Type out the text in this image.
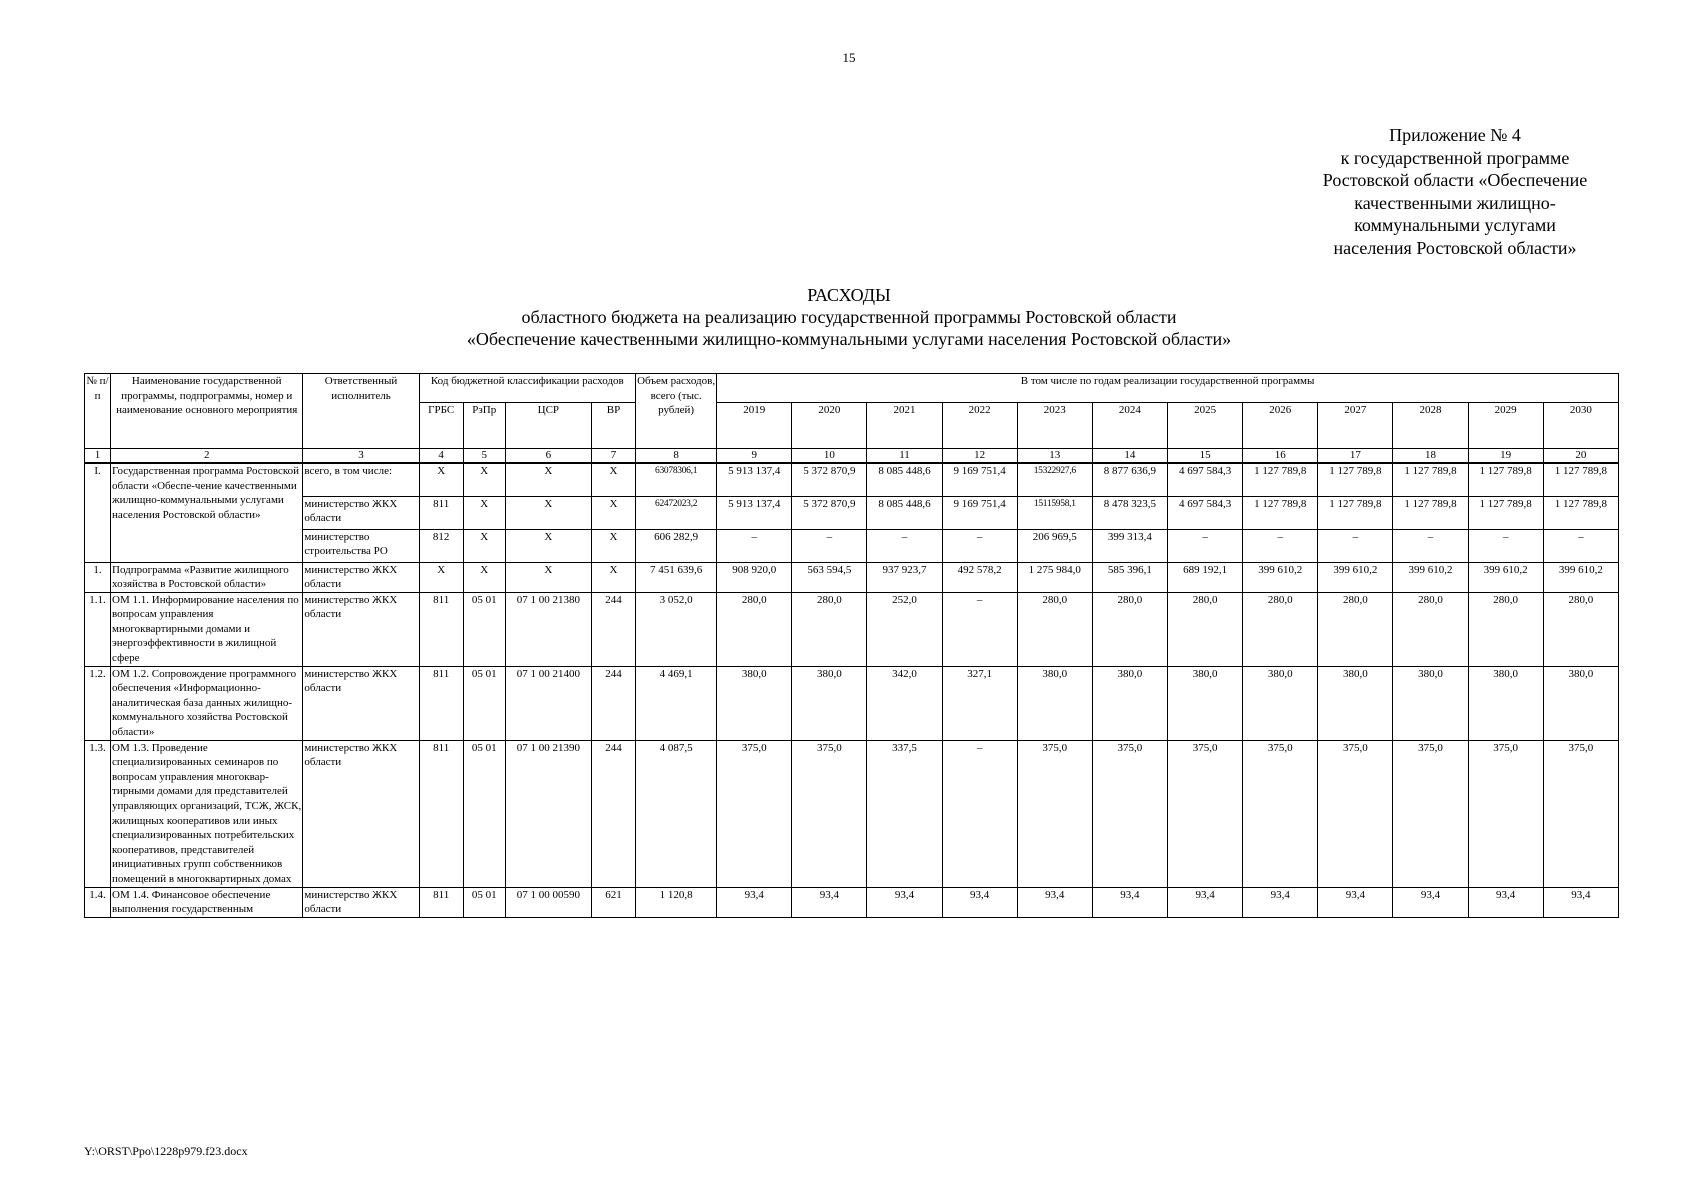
15
Приложение № 4
к государственной программе
Ростовской области «Обеспечение
качественными жилищно-
коммунальными услугами
населения Ростовской области»
РАСХОДЫ
областного бюджета на реализацию государственной программы Ростовской области
«Обеспечение качественными жилищно-коммунальными услугами населения Ростовской области»
№ п/п	Наименование государственной программы, подпрограммы, номер и наименование основного мероприятия	Ответственный исполнитель	Код бюджетной классификации расходов				Объем расходов, всего (тыс. рублей)	В том числе по годам реализации государственной программы											
			ГРБС	РзПр	ЦСР	ВР		2019	2020	2021	2022	2023	2024	2025	2026	2027	2028	2029	2030
1	2	3	4	5	6	7	8	9	10	11	12	13	14	15	16	17	18	19	20
I.	Государственная программа Ростовской области «Обеспе-чение качественными жилищно-коммунальными услугами населения Ростовской области»	всего, в том числе:	Х	Х	Х	Х	63078306,1	5 913 137,4	5 372 870,9	8 085 448,6	9 169 751,4	15322927,6	8 877 636,9	4 697 584,3	1 127 789,8	1 127 789,8	1 127 789,8	1 127 789,8	1 127 789,8
		министерство ЖКХ области	811	Х	Х	Х	62472023,2	5 913 137,4	5 372 870,9	8 085 448,6	9 169 751,4	15115958,1	8 478 323,5	4 697 584,3	1 127 789,8	1 127 789,8	1 127 789,8	1 127 789,8	1 127 789,8
		министерство строительства РО	812	Х	Х	Х	606 282,9	–	–	–	–	206 969,5	399 313,4	–	–	–	–	–	–
1.	Подпрограмма «Развитие жилищного хозяйства в Ростовской области»	министерство ЖКХ области	Х	Х	Х	Х	7 451 639,6	908 920,0	563 594,5	937 923,7	492 578,2	1 275 984,0	585 396,1	689 192,1	399 610,2	399 610,2	399 610,2	399 610,2	399 610,2
1.1.	ОМ 1.1. Информирование населения по вопросам управления многоквартирными домами и энергоэффективности в жилищной сфере	министерство ЖКХ области	811	05 01	07 1 00 21380	244	3 052,0	280,0	280,0	252,0	–	280,0	280,0	280,0	280,0	280,0	280,0	280,0	280,0
1.2.	ОМ 1.2. Сопровождение программного обеспечения «Информационно-аналитическая база данных жилищно-коммунального хозяйства Ростовской области»	министерство ЖКХ области	811	05 01	07 1 00 21400	244	4 469,1	380,0	380,0	342,0	327,1	380,0	380,0	380,0	380,0	380,0	380,0	380,0	380,0
1.3.	ОМ 1.3. Проведение специализированных семинаров по вопросам управления многоквар-тирными домами для представителей управляющих организаций, ТСЖ, ЖСК, жилищных кооперативов или иных специализированных потребительских кооперативов, представителей инициативных групп собственников помещений в многоквартирных домах	министерство ЖКХ области	811	05 01	07 1 00 21390	244	4 087,5	375,0	375,0	337,5	–	375,0	375,0	375,0	375,0	375,0	375,0	375,0	375,0
1.4.	ОМ 1.4. Финансовое обеспечение выполнения государственным	министерство ЖКХ области	811	05 01	07 1 00 00590	621	1 120,8	93,4	93,4	93,4	93,4	93,4	93,4	93,4	93,4	93,4	93,4	93,4	93,4
Y:\ORST\Ppo\1228p979.f23.docx
